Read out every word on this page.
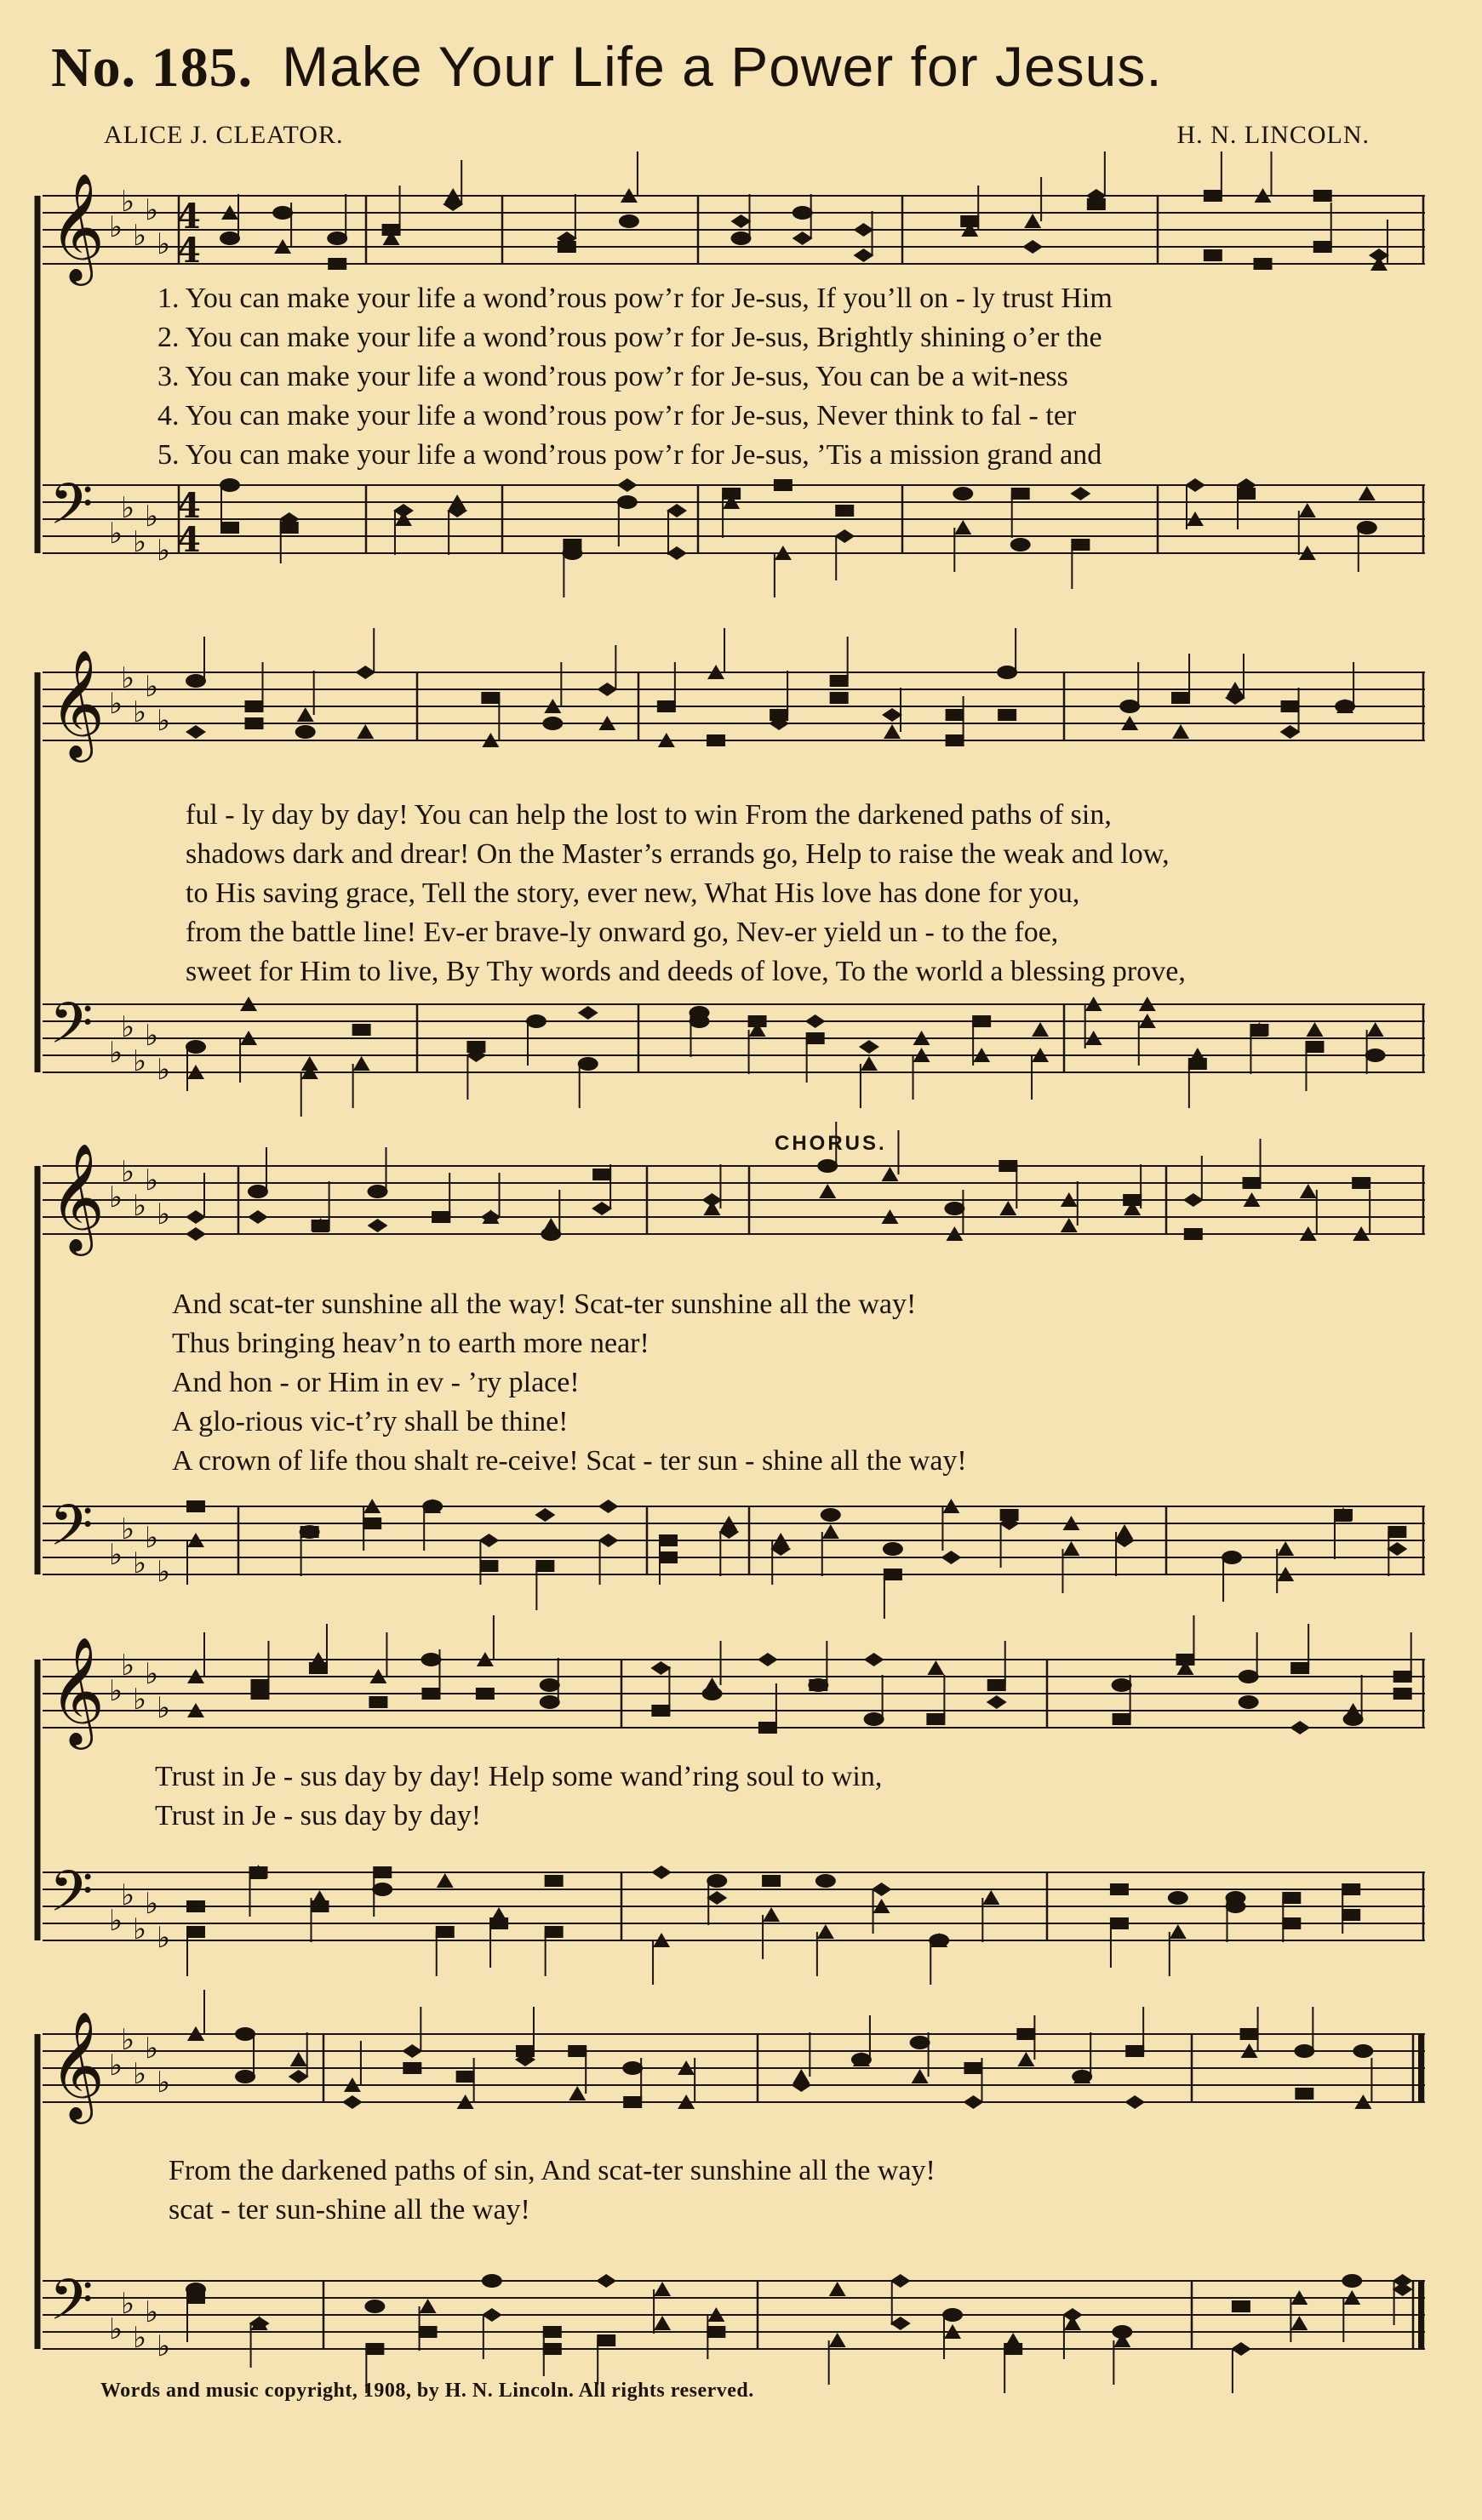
No. 185. Make Your Life a Power for Jesus.
ALICE J. CLEATOR.	H. N. LINCOLN.
𝄞 ♭
♭
♭
♭
♭
4
4
𝄢 ♭
♭
♭
♭
♭
4
4
1. You can make your life a wond’rous pow’r for Je-sus, If you’ll on - ly trust Him
2. You can make your life a wond’rous pow’r for Je-sus, Brightly shining o’er the
3. You can make your life a wond’rous pow’r for Je-sus, You can be a wit-ness
4. You can make your life a wond’rous pow’r for Je-sus, Never think to fal - ter
5. You can make your life a wond’rous pow’r for Je-sus, ’Tis a mission grand and
𝄞 ♭
♭
♭
♭
♭
𝄢 ♭
♭
♭
♭
♭
ful - ly day by day! You can help the lost to win From the darkened paths of sin,
shadows dark and drear! On the Master’s errands go, Help to raise the weak and low,
to His saving grace, Tell the story, ever new, What His love has done for you,
from the battle line! Ev-er brave-ly onward go, Nev-er yield un - to the foe,
sweet for Him to live, By Thy words and deeds of love, To the world a blessing prove,
CHORUS.
𝄞 ♭
♭
♭
♭
♭
𝄢 ♭
♭
♭
♭
♭
And scat-ter sunshine all the way! Scat-ter sunshine all the way!
Thus bringing heav’n to earth more near!
And hon - or Him in ev - ’ry place!
A glo-rious vic-t’ry shall be thine!
A crown of life thou shalt re-ceive! Scat - ter sun - shine all the way!
𝄞 ♭
♭
♭
♭
♭
𝄢 ♭
♭
♭
♭
♭
Trust in Je - sus day by day! Help some wand’ring soul to win,
Trust in Je - sus day by day!
𝄞 ♭
♭
♭
♭
♭
𝄢 ♭
♭
♭
♭
♭
From the darkened paths of sin, And scat-ter sunshine all the way!
scat - ter sun-shine all the way!
Words and music copyright, 1908, by H. N. Lincoln. All rights reserved.
